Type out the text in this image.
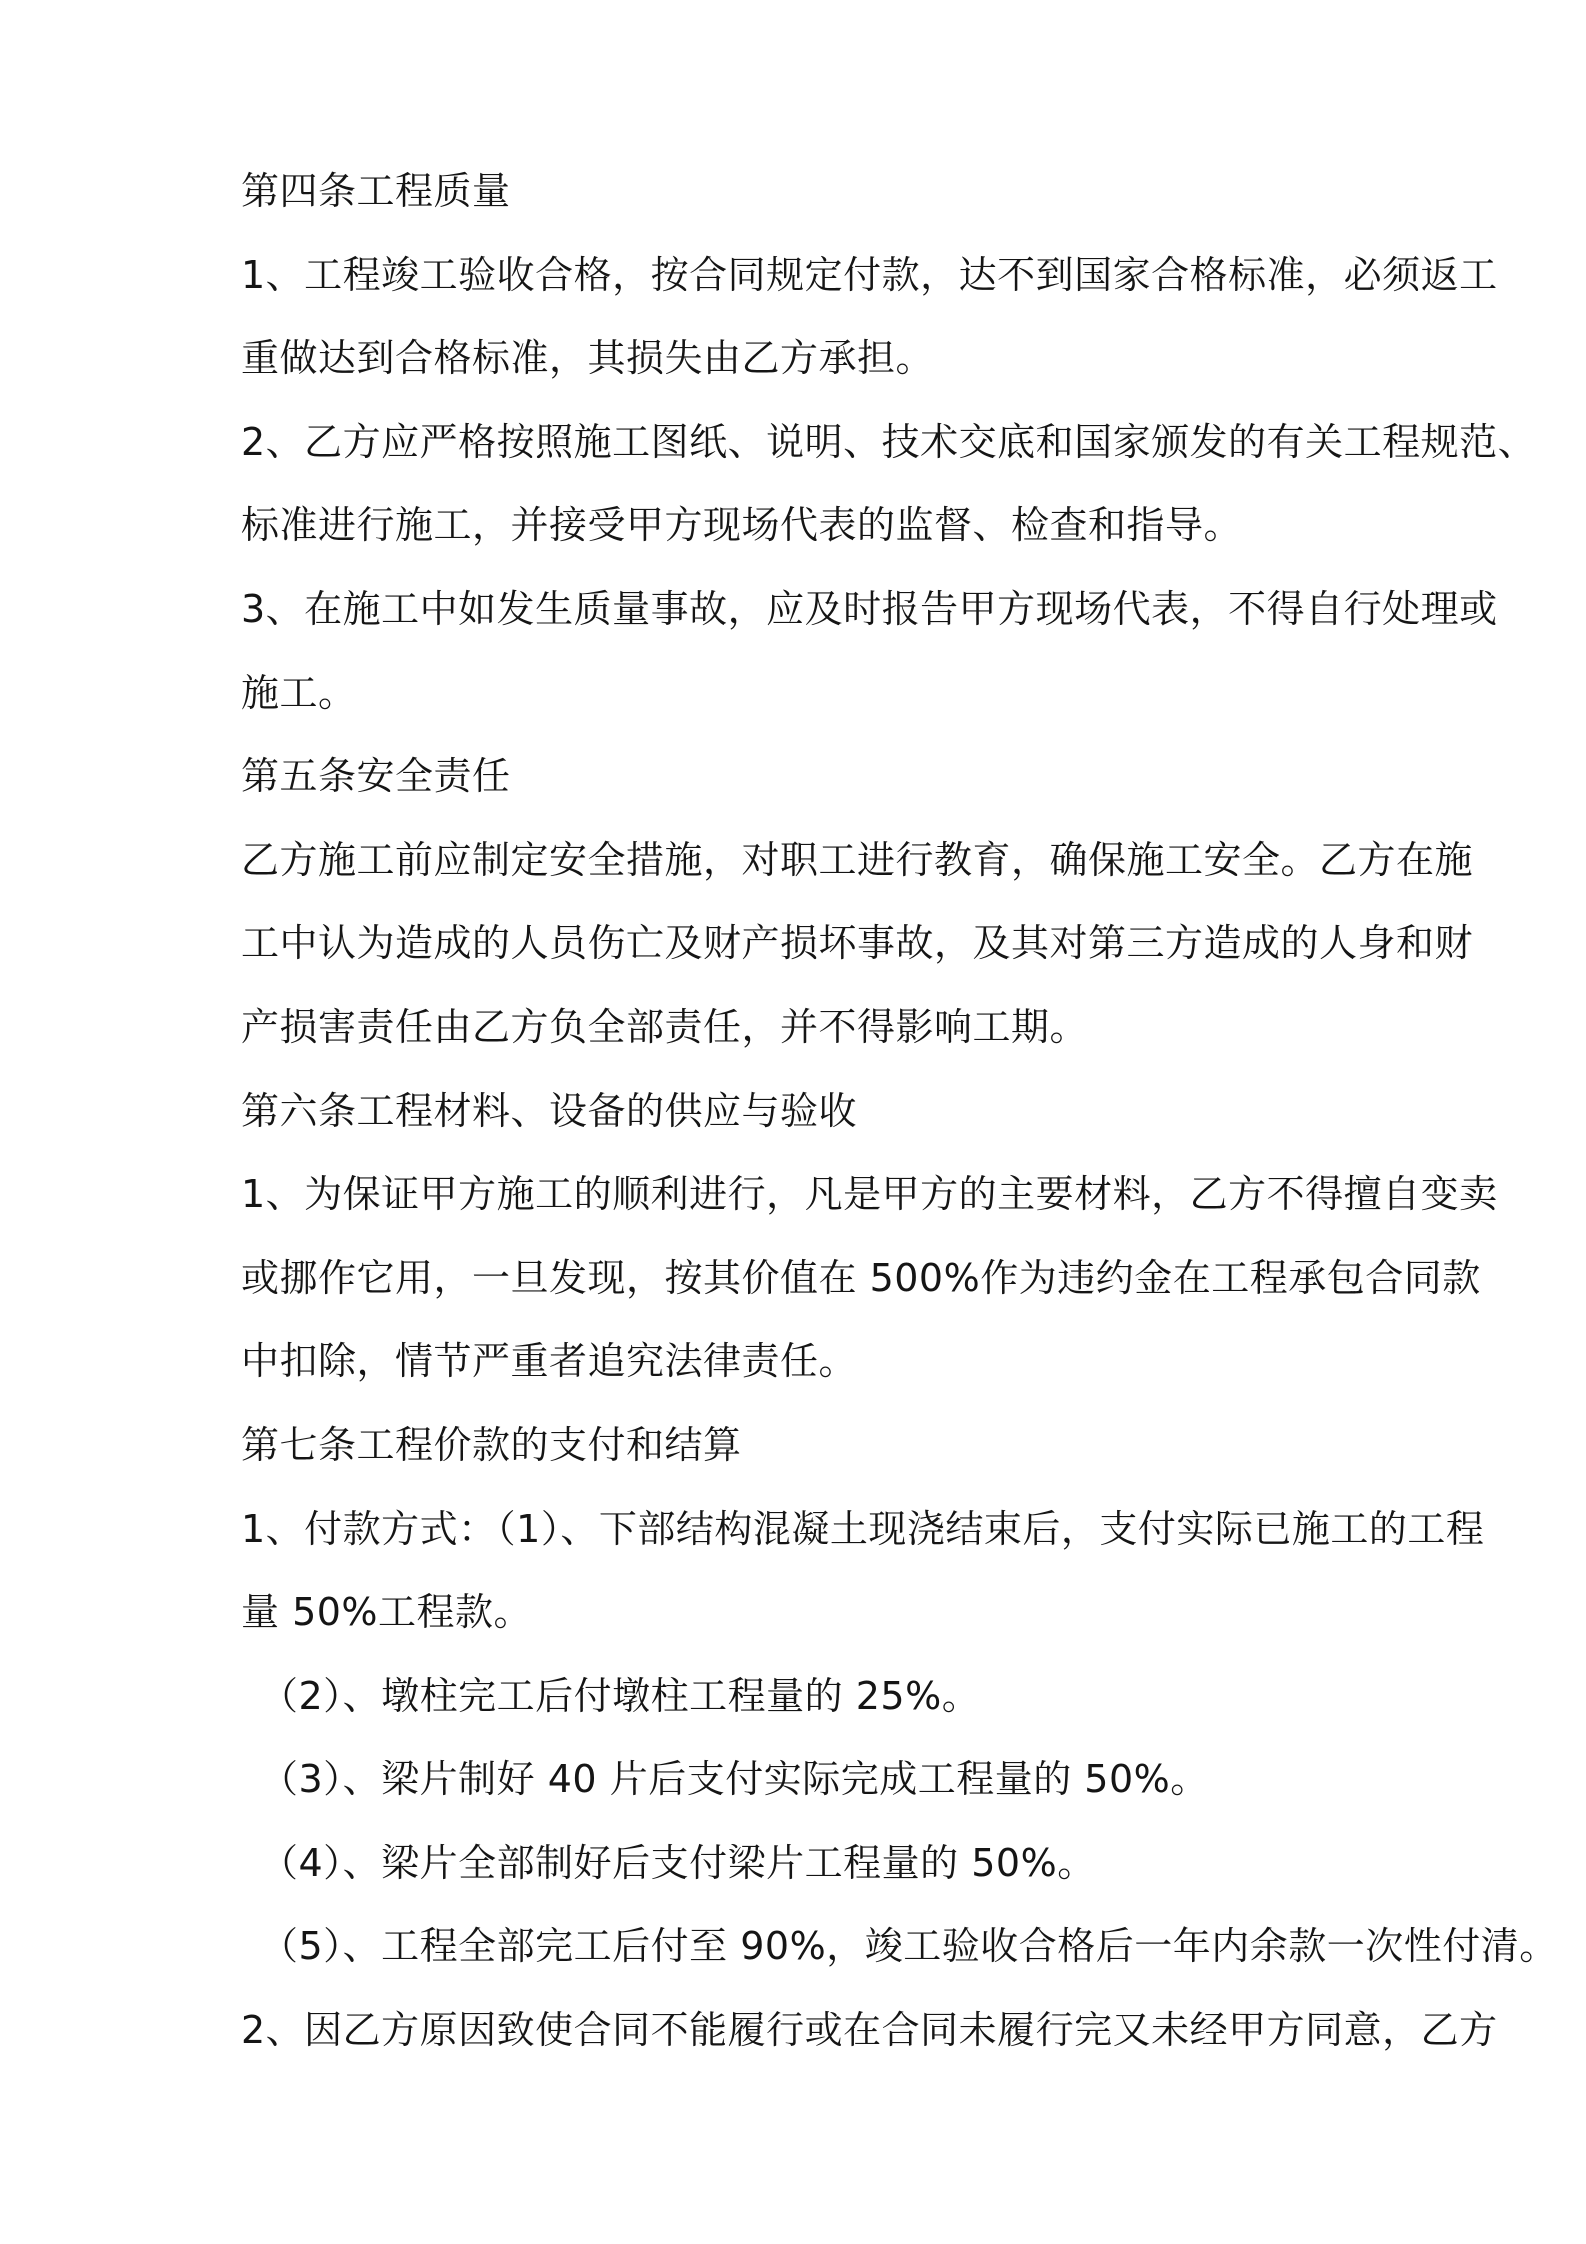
第四条工程质量
1、工程竣工验收合格，按合同规定付款，达不到国家合格标准，必须返工
重做达到合格标准，其损失由乙方承担。
2、乙方应严格按照施工图纸、说明、技术交底和国家颁发的有关工程规范、
标准进行施工，并接受甲方现场代表的监督、检查和指导。
3、在施工中如发生质量事故，应及时报告甲方现场代表，不得自行处理或
施工。
第五条安全责任
乙方施工前应制定安全措施，对职工进行教育，确保施工安全。乙方在施
工中认为造成的人员伤亡及财产损坏事故，及其对第三方造成的人身和财
产损害责任由乙方负全部责任，并不得影响工期。
第六条工程材料、设备的供应与验收
1、为保证甲方施工的顺利进行，凡是甲方的主要材料，乙方不得擅自变卖
或挪作它用，一旦发现，按其价值在 500%作为违约金在工程承包合同款
中扣除，情节严重者追究法律责任。
第七条工程价款的支付和结算
1、付款方式：（1）、下部结构混凝土现浇结束后，支付实际已施工的工程
量 50%工程款。
（2）、墩柱完工后付墩柱工程量的 25%。
（3）、梁片制好 40 片后支付实际完成工程量的 50%。
（4）、梁片全部制好后支付梁片工程量的 50%。
（5）、工程全部完工后付至 90%，竣工验收合格后一年内余款一次性付清。
2、因乙方原因致使合同不能履行或在合同未履行完又未经甲方同意，乙方
